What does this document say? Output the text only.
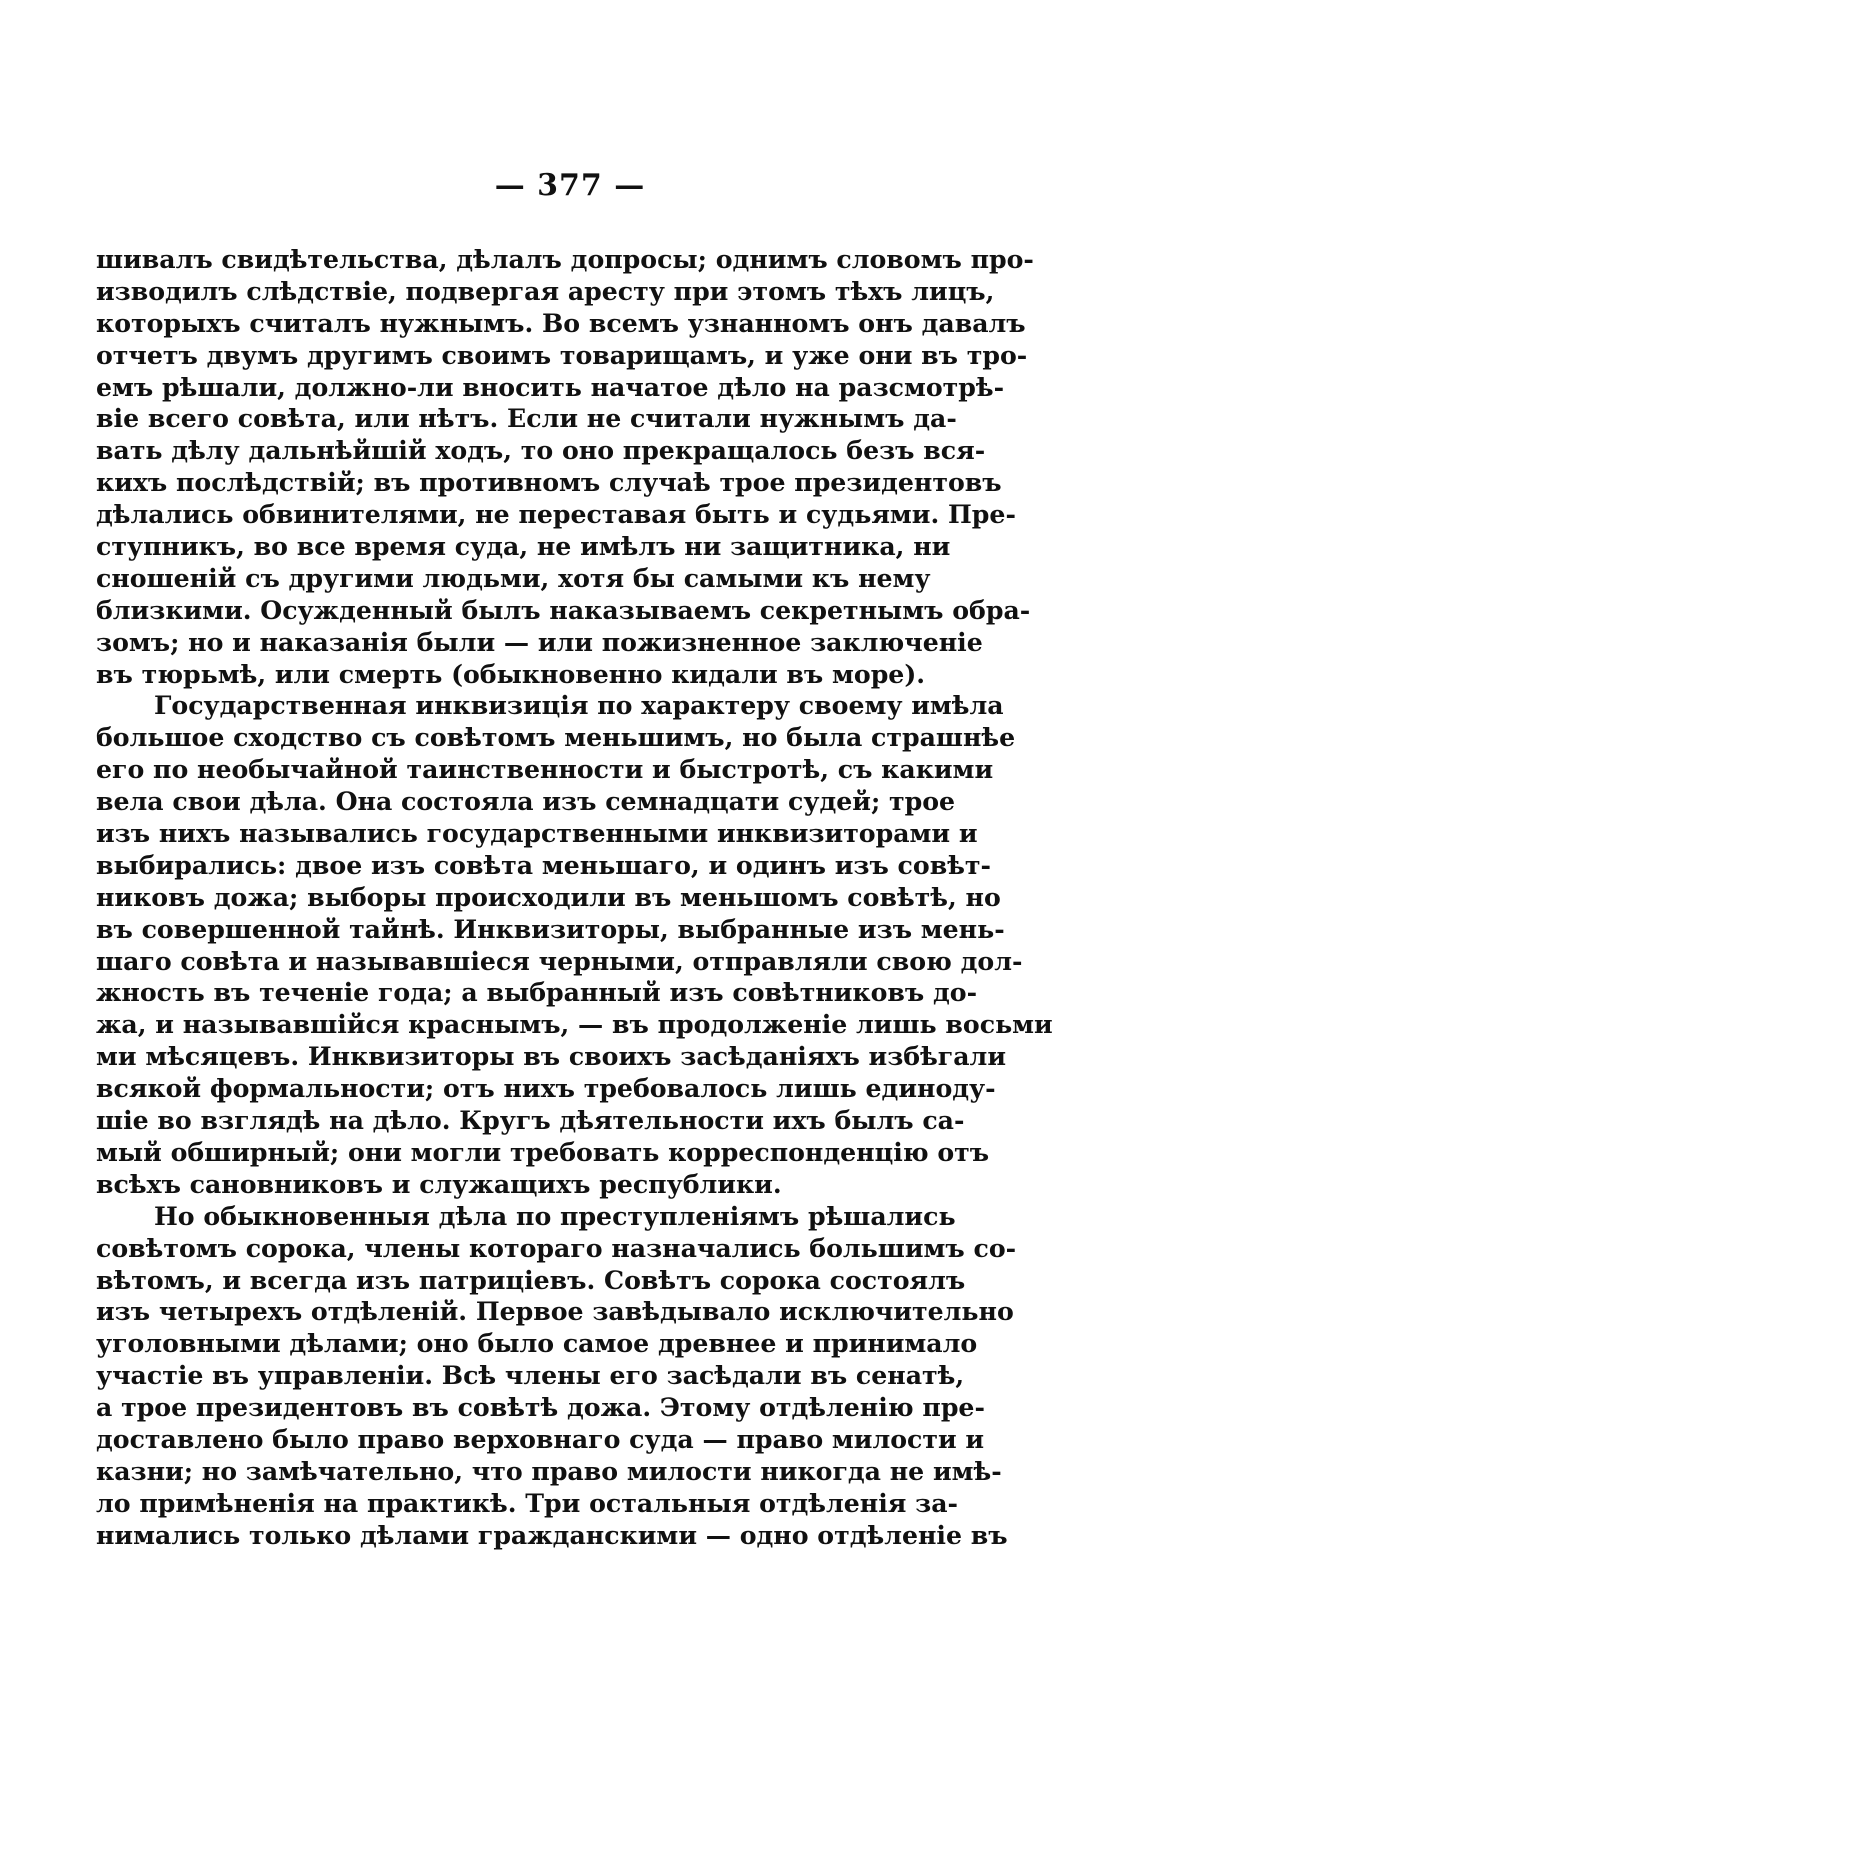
— 377 —
шивалъ свидѣтельства, дѣлалъ допросы; однимъ словомъ про-
изводилъ слѣдствіе, подвергая аресту при этомъ тѣхъ лицъ,
которыхъ считалъ нужнымъ. Во всемъ узнанномъ онъ давалъ
отчетъ двумъ другимъ своимъ товарищамъ, и уже они въ тро-
емъ рѣшали, должно-ли вносить начатое дѣло на разсмотрѣ-
віе всего совѣта, или нѣтъ. Если не считали нужнымъ да-
вать дѣлу дальнѣйшій ходъ, то оно прекращалось безъ вся-
кихъ послѣдствій; въ противномъ случаѣ трое президентовъ
дѣлались обвинителями, не переставая быть и судьями. Пре-
ступникъ, во все время суда, не имѣлъ ни защитника, ни
сношеній съ другими людьми, хотя бы самыми къ нему
близкими. Осужденный былъ наказываемъ секретнымъ обра-
зомъ; но и наказанія были — или пожизненное заключеніе
въ тюрьмѣ, или смерть (обыкновенно кидали въ море).
Государственная инквизиція по характеру своему имѣла
большое сходство съ совѣтомъ меньшимъ, но была страшнѣе
его по необычайной таинственности и быстротѣ, съ какими
вела свои дѣла. Она состояла изъ семнадцати судей; трое
изъ нихъ назывались государственными инквизиторами и
выбирались: двое изъ совѣта меньшаго, и одинъ изъ совѣт-
никовъ дожа; выборы происходили въ меньшомъ совѣтѣ, но
въ совершенной тайнѣ. Инквизиторы, выбранные изъ мень-
шаго совѣта и называвшіеся черными, отправляли свою дол-
жность въ теченіе года; а выбранный изъ совѣтниковъ до-
жа, и называвшійся краснымъ, — въ продолженіе лишь восьми
ми мѣсяцевъ. Инквизиторы въ своихъ засѣданіяхъ избѣгали
всякой формальности; отъ нихъ требовалось лишь единоду-
шіе во взглядѣ на дѣло. Кругъ дѣятельности ихъ былъ са-
мый обширный; они могли требовать корреспонденцію отъ
всѣхъ сановниковъ и служащихъ республики.
Но обыкновенныя дѣла по преступленіямъ рѣшались
совѣтомъ сорока, члены котораго назначались большимъ со-
вѣтомъ, и всегда изъ патриціевъ. Совѣтъ сорока состоялъ
изъ четырехъ отдѣленій. Первое завѣдывало исключительно
уголовными дѣлами; оно было самое древнее и принимало
участіе въ управленіи. Всѣ члены его засѣдали въ сенатѣ,
а трое президентовъ въ совѣтѣ дожа. Этому отдѣленію пре-
доставлено было право верховнаго суда — право милости и
казни; но замѣчательно, что право милости никогда не имѣ-
ло примѣненія на практикѣ. Три остальныя отдѣленія за-
нимались только дѣлами гражданскими — одно отдѣленіе въ
